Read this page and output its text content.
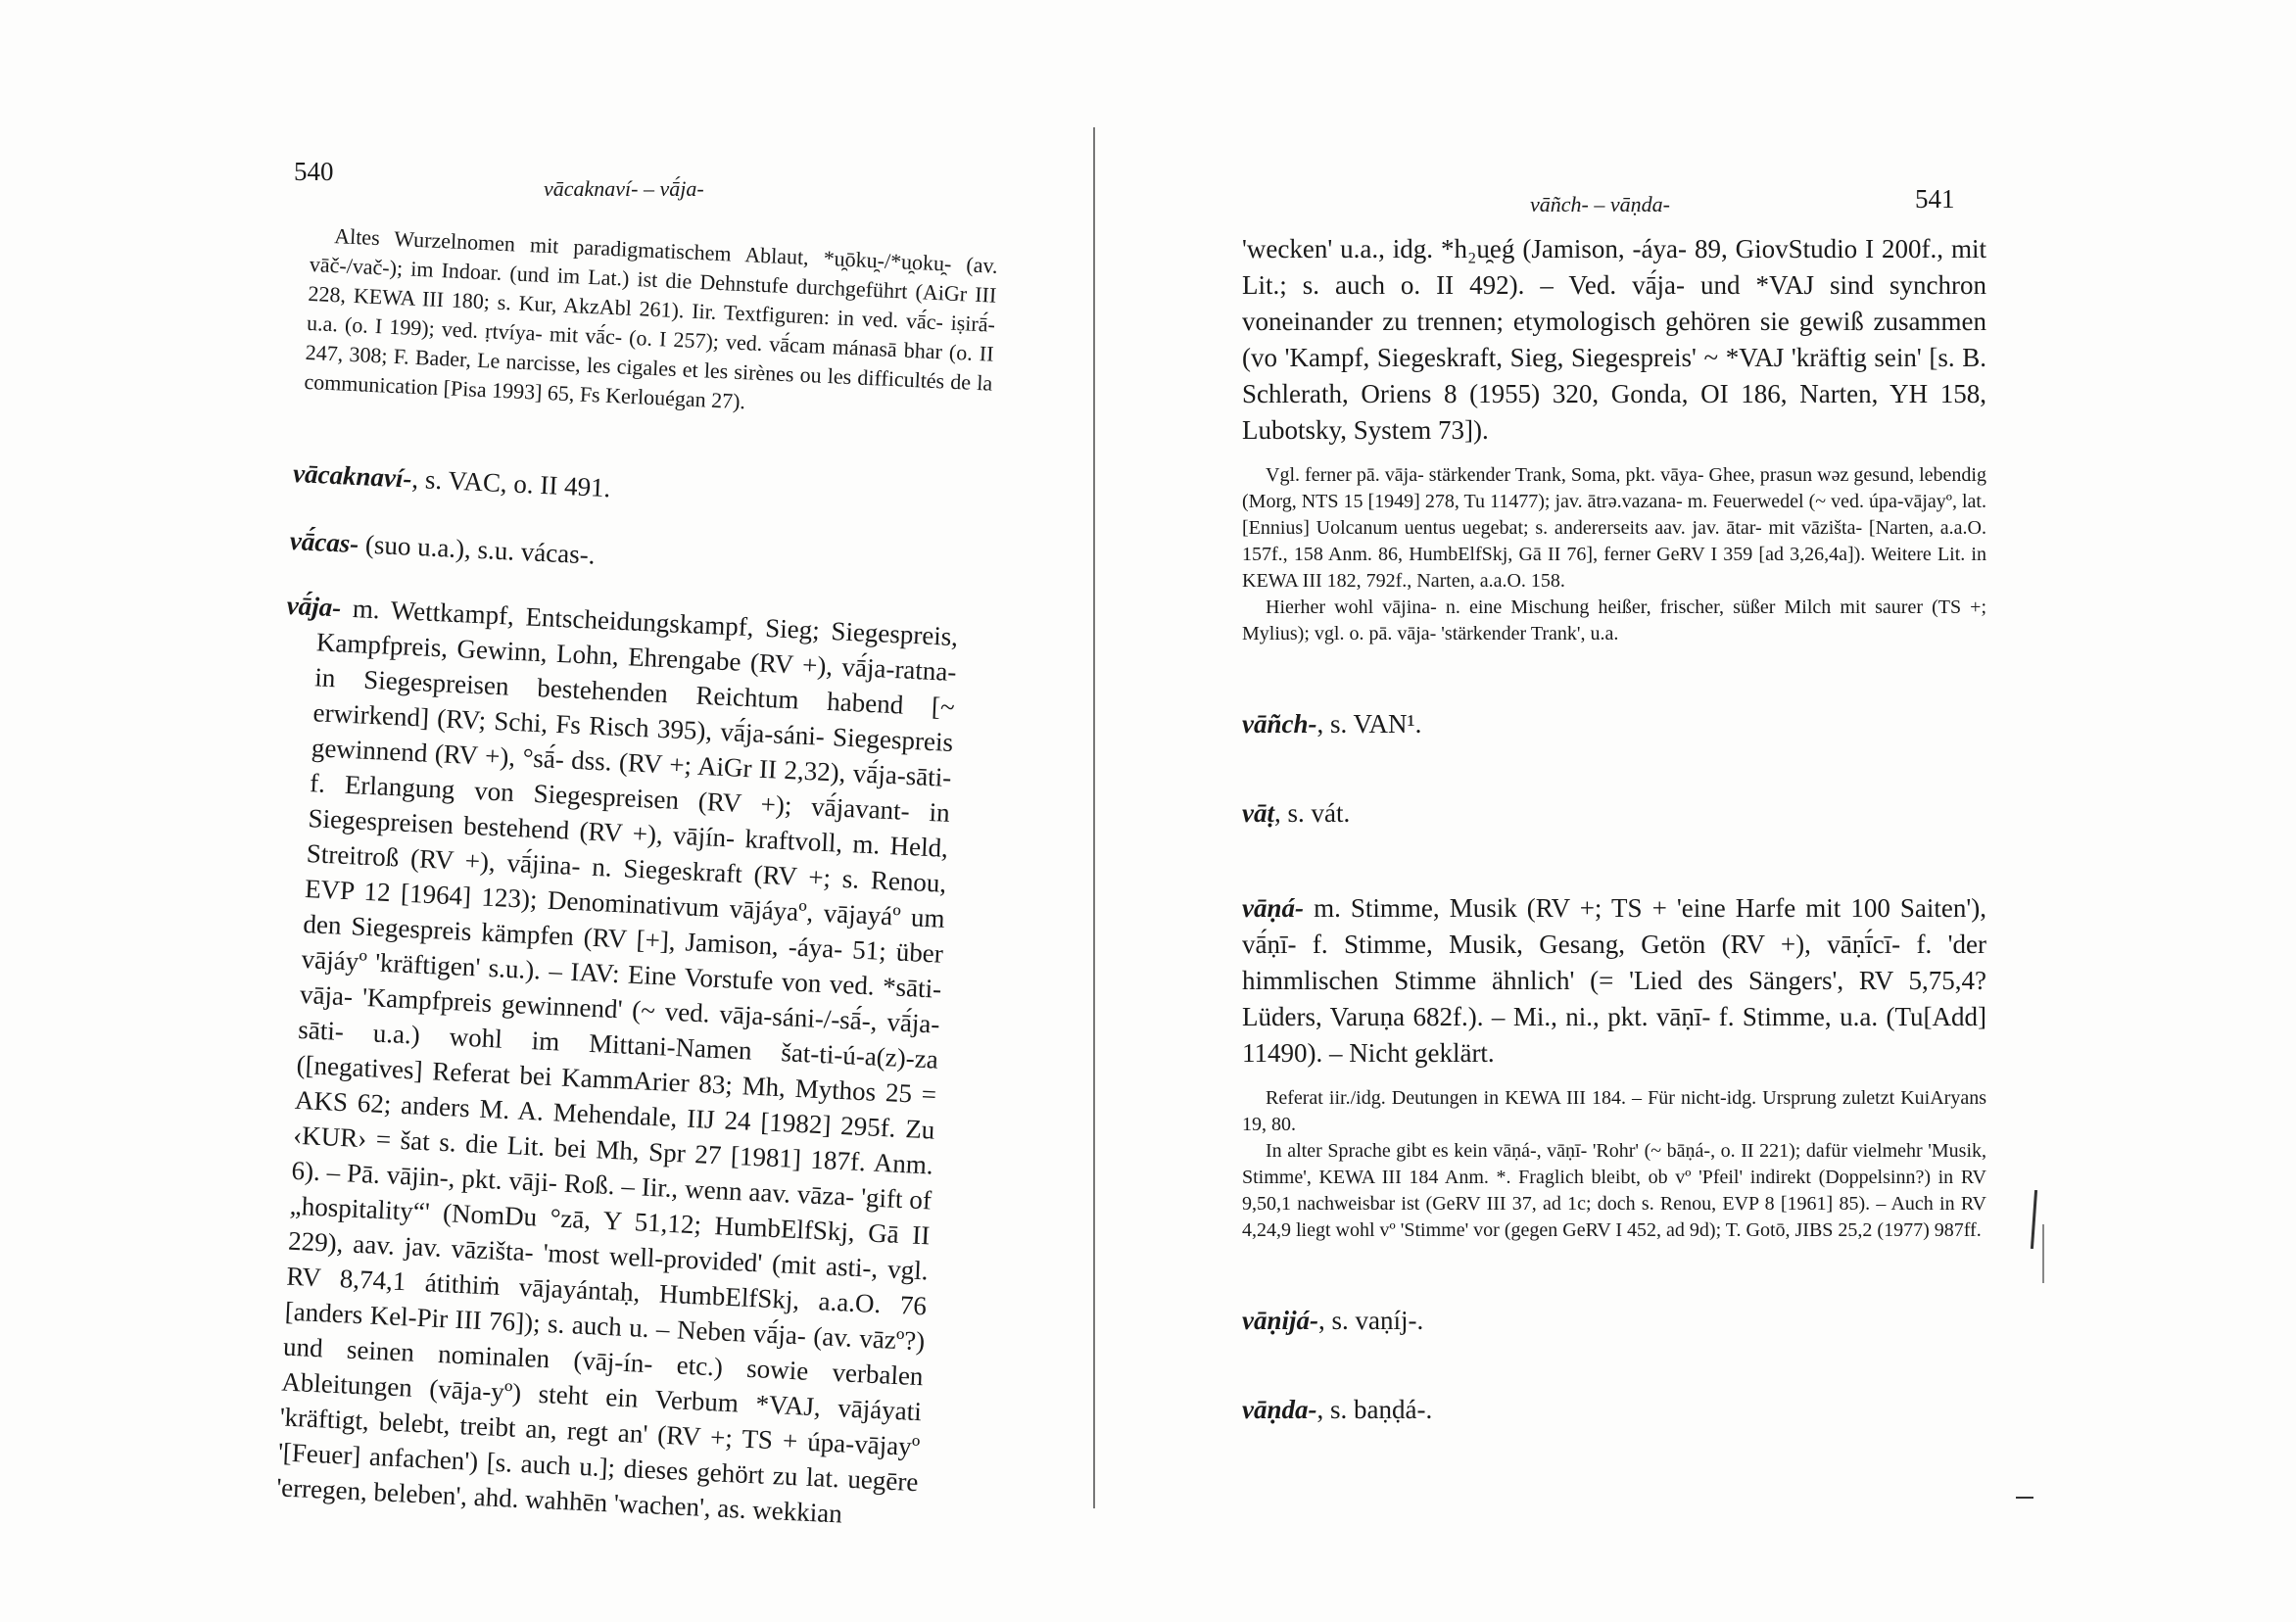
540
vācaknaví- – vā́ja-

Altes Wurzelnomen mit paradigmatischem Ablaut, *u̯ōku̯-/*u̯oku̯- (av. vāč-/vač-); im Indoar. (und im Lat.) ist die Dehnstufe durchgeführt (AiGr III 228, KEWA III 180; s. Kur, AkzAbl 261). Iir. Textfiguren: in ved. vā́c- iṣirā́- u.a. (o. I 199); ved. ṛtvíya- mit vā́c- (o. I 257); ved. vā́cam mánasā bhar (o. II 247, 308; F. Bader, Le narcisse, les cigales et les sirènes ou les difficultés de la communication [Pisa 1993] 65, Fs Kerlouégan 27).

vācaknaví-, s. VAC, o. II 491.

vā́cas- (suo u.a.), s.u. vácas-.

vā́ja- m. Wettkampf, Entscheidungskampf, Sieg; Siegespreis, Kampfpreis, Gewinn, Lohn, Ehrengabe (RV +), vā́ja-ratna- in Siegespreisen bestehenden Reichtum habend [~ erwirkend] (RV; Schi, Fs Risch 395), vā́ja-sáni- Siegespreis gewinnend (RV +), °sā́- dss. (RV +; AiGr II 2,32), vā́ja-sāti- f. Erlangung von Siegespreisen (RV +); vā́javant- in Siegespreisen bestehend (RV +), vājín- kraftvoll, m. Held, Streitroß (RV +), vā́jina- n. Siegeskraft (RV +; s. Renou, EVP 12 [1964] 123); Denominativum vājáyaº, vājayáº um den Siegespreis kämpfen (RV [+], Jamison, -áya- 51; über vājáyº 'kräftigen' s.u.). – IAV: Eine Vorstufe von ved. *sāti-vāja- 'Kampfpreis gewinnend' (~ ved. vāja-sáni-/-sā́-, vā́ja-sāti- u.a.) wohl im Mittani-Namen šat-ti-ú-a(z)-za ([negatives] Referat bei KammArier 83; Mh, Mythos 25 = AKS 62; anders M. A. Mehendale, IIJ 24 [1982] 295f. Zu ‹KUR› = šat s. die Lit. bei Mh, Spr 27 [1981] 187f. Anm. 6). – Pā. vājin-, pkt. vāji- Roß. – Iir., wenn aav. vāza- 'gift of „hospitality“' (NomDu °zā, Y 51,12; HumbElfSkj, Gā II 229), aav. jav. vāzišta- 'most well-provided' (mit asti-, vgl. RV 8,74,1 átithiṁ vājayántaḥ, HumbElfSkj, a.a.O. 76 [anders Kel-Pir III 76]); s. auch u. – Neben vā́ja- (av. vāzº?) und seinen nominalen (vāj-ín- etc.) sowie verbalen Ableitungen (vāja-yº) steht ein Verbum *VAJ, vājáyati 'kräftigt, belebt, treibt an, regt an' (RV +; TS + úpa-vājayº '[Feuer] anfachen') [s. auch u.]; dieses gehört zu lat. uegēre 'erregen, beleben', ahd. wahhēn 'wachen', as. wekkian

vāñch- – vāṇda-	541

'wecken' u.a., idg. *h₂u̯eǵ (Jamison, -áya- 89, GiovStudio I 200f., mit Lit.; s. auch o. II 492). – Ved. vā́ja- und *VAJ sind synchron voneinander zu trennen; etymologisch gehören sie gewiß zusammen (vo 'Kampf, Siegeskraft, Sieg, Siegespreis' ~ *VAJ 'kräftig sein' [s. B. Schlerath, Oriens 8 (1955) 320, Gonda, OI 186, Narten, YH 158, Lubotsky, System 73]).

Vgl. ferner pā. vāja- stärkender Trank, Soma, pkt. vāya- Ghee, prasun wəz gesund, lebendig (Morg, NTS 15 [1949] 278, Tu 11477); jav. ātrə.vazana- m. Feuerwedel (~ ved. úpa-vājayº, lat. [Ennius] Uolcanum uentus uegebat; s. andererseits aav. jav. ātar- mit vāzišta- [Narten, a.a.O. 157f., 158 Anm. 86, HumbElfSkj, Gā II 76], ferner GeRV I 359 [ad 3,26,4a]). Weitere Lit. in KEWA III 182, 792f., Narten, a.a.O. 158.

Hierher wohl vājina- n. eine Mischung heißer, frischer, süßer Milch mit saurer (TS +; Mylius); vgl. o. pā. vāja- 'stärkender Trank', u.a.

vāñch-, s. VAN¹.

vāṭ, s. vát.

vāṇá- m. Stimme, Musik (RV +; TS + 'eine Harfe mit 100 Saiten'), vā́ṇī- f. Stimme, Musik, Gesang, Getön (RV +), vāṇī́cī- f. 'der himmlischen Stimme ähnlich' (= 'Lied des Sängers', RV 5,75,4? Lüders, Varuṇa 682f.). – Mi., ni., pkt. vāṇī- f. Stimme, u.a. (Tu[Add] 11490). – Nicht geklärt.

Referat iir./idg. Deutungen in KEWA III 184. – Für nicht-idg. Ursprung zuletzt KuiAryans 19, 80.

In alter Sprache gibt es kein vāṇá-, vāṇī- 'Rohr' (~ bāṇá-, o. II 221); dafür vielmehr 'Musik, Stimme', KEWA III 184 Anm. *. Fraglich bleibt, ob vº 'Pfeil' indirekt (Doppelsinn?) in RV 9,50,1 nachweisbar ist (GeRV III 37, ad 1c; doch s. Renou, EVP 8 [1961] 85). – Auch in RV 4,24,9 liegt wohl vº 'Stimme' vor (gegen GeRV I 452, ad 9d); T. Gotō, JIBS 25,2 (1977) 987ff.

vāṇijá-, s. vaṇíj-.

vāṇda-, s. baṇḍá-.
